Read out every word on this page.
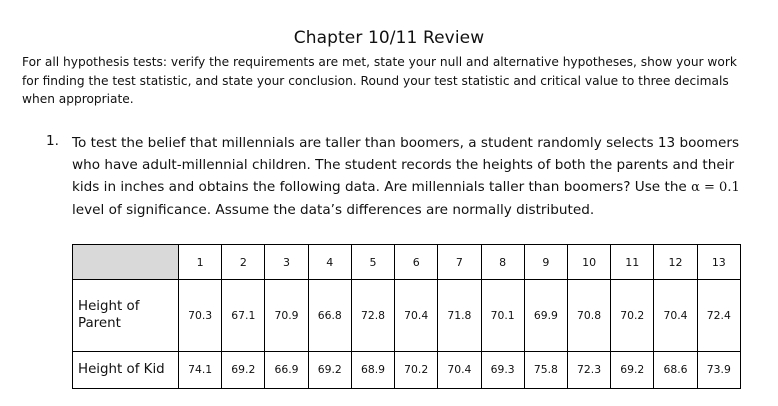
Chapter 10/11 Review
For all hypothesis tests: verify the requirements are met, state your null and alternative hypotheses, show your work for finding the test statistic, and state your conclusion. Round your test statistic and critical value to three decimals when appropriate.
1. To test the belief that millennials are taller than boomers, a student randomly selects 13 boomers who have adult-millennial children. The student records the heights of both the parents and their kids in inches and obtains the following data. Are millennials taller than boomers? Use the α = 0.1 level of significance. Assume the data’s differences are normally distributed.
	1	2	3	4	5	6	7	8	9	10	11	12	13
Height of Parent	70.3	67.1	70.9	66.8	72.8	70.4	71.8	70.1	69.9	70.8	70.2	70.4	72.4
Height of Kid	74.1	69.2	66.9	69.2	68.9	70.2	70.4	69.3	75.8	72.3	69.2	68.6	73.9
